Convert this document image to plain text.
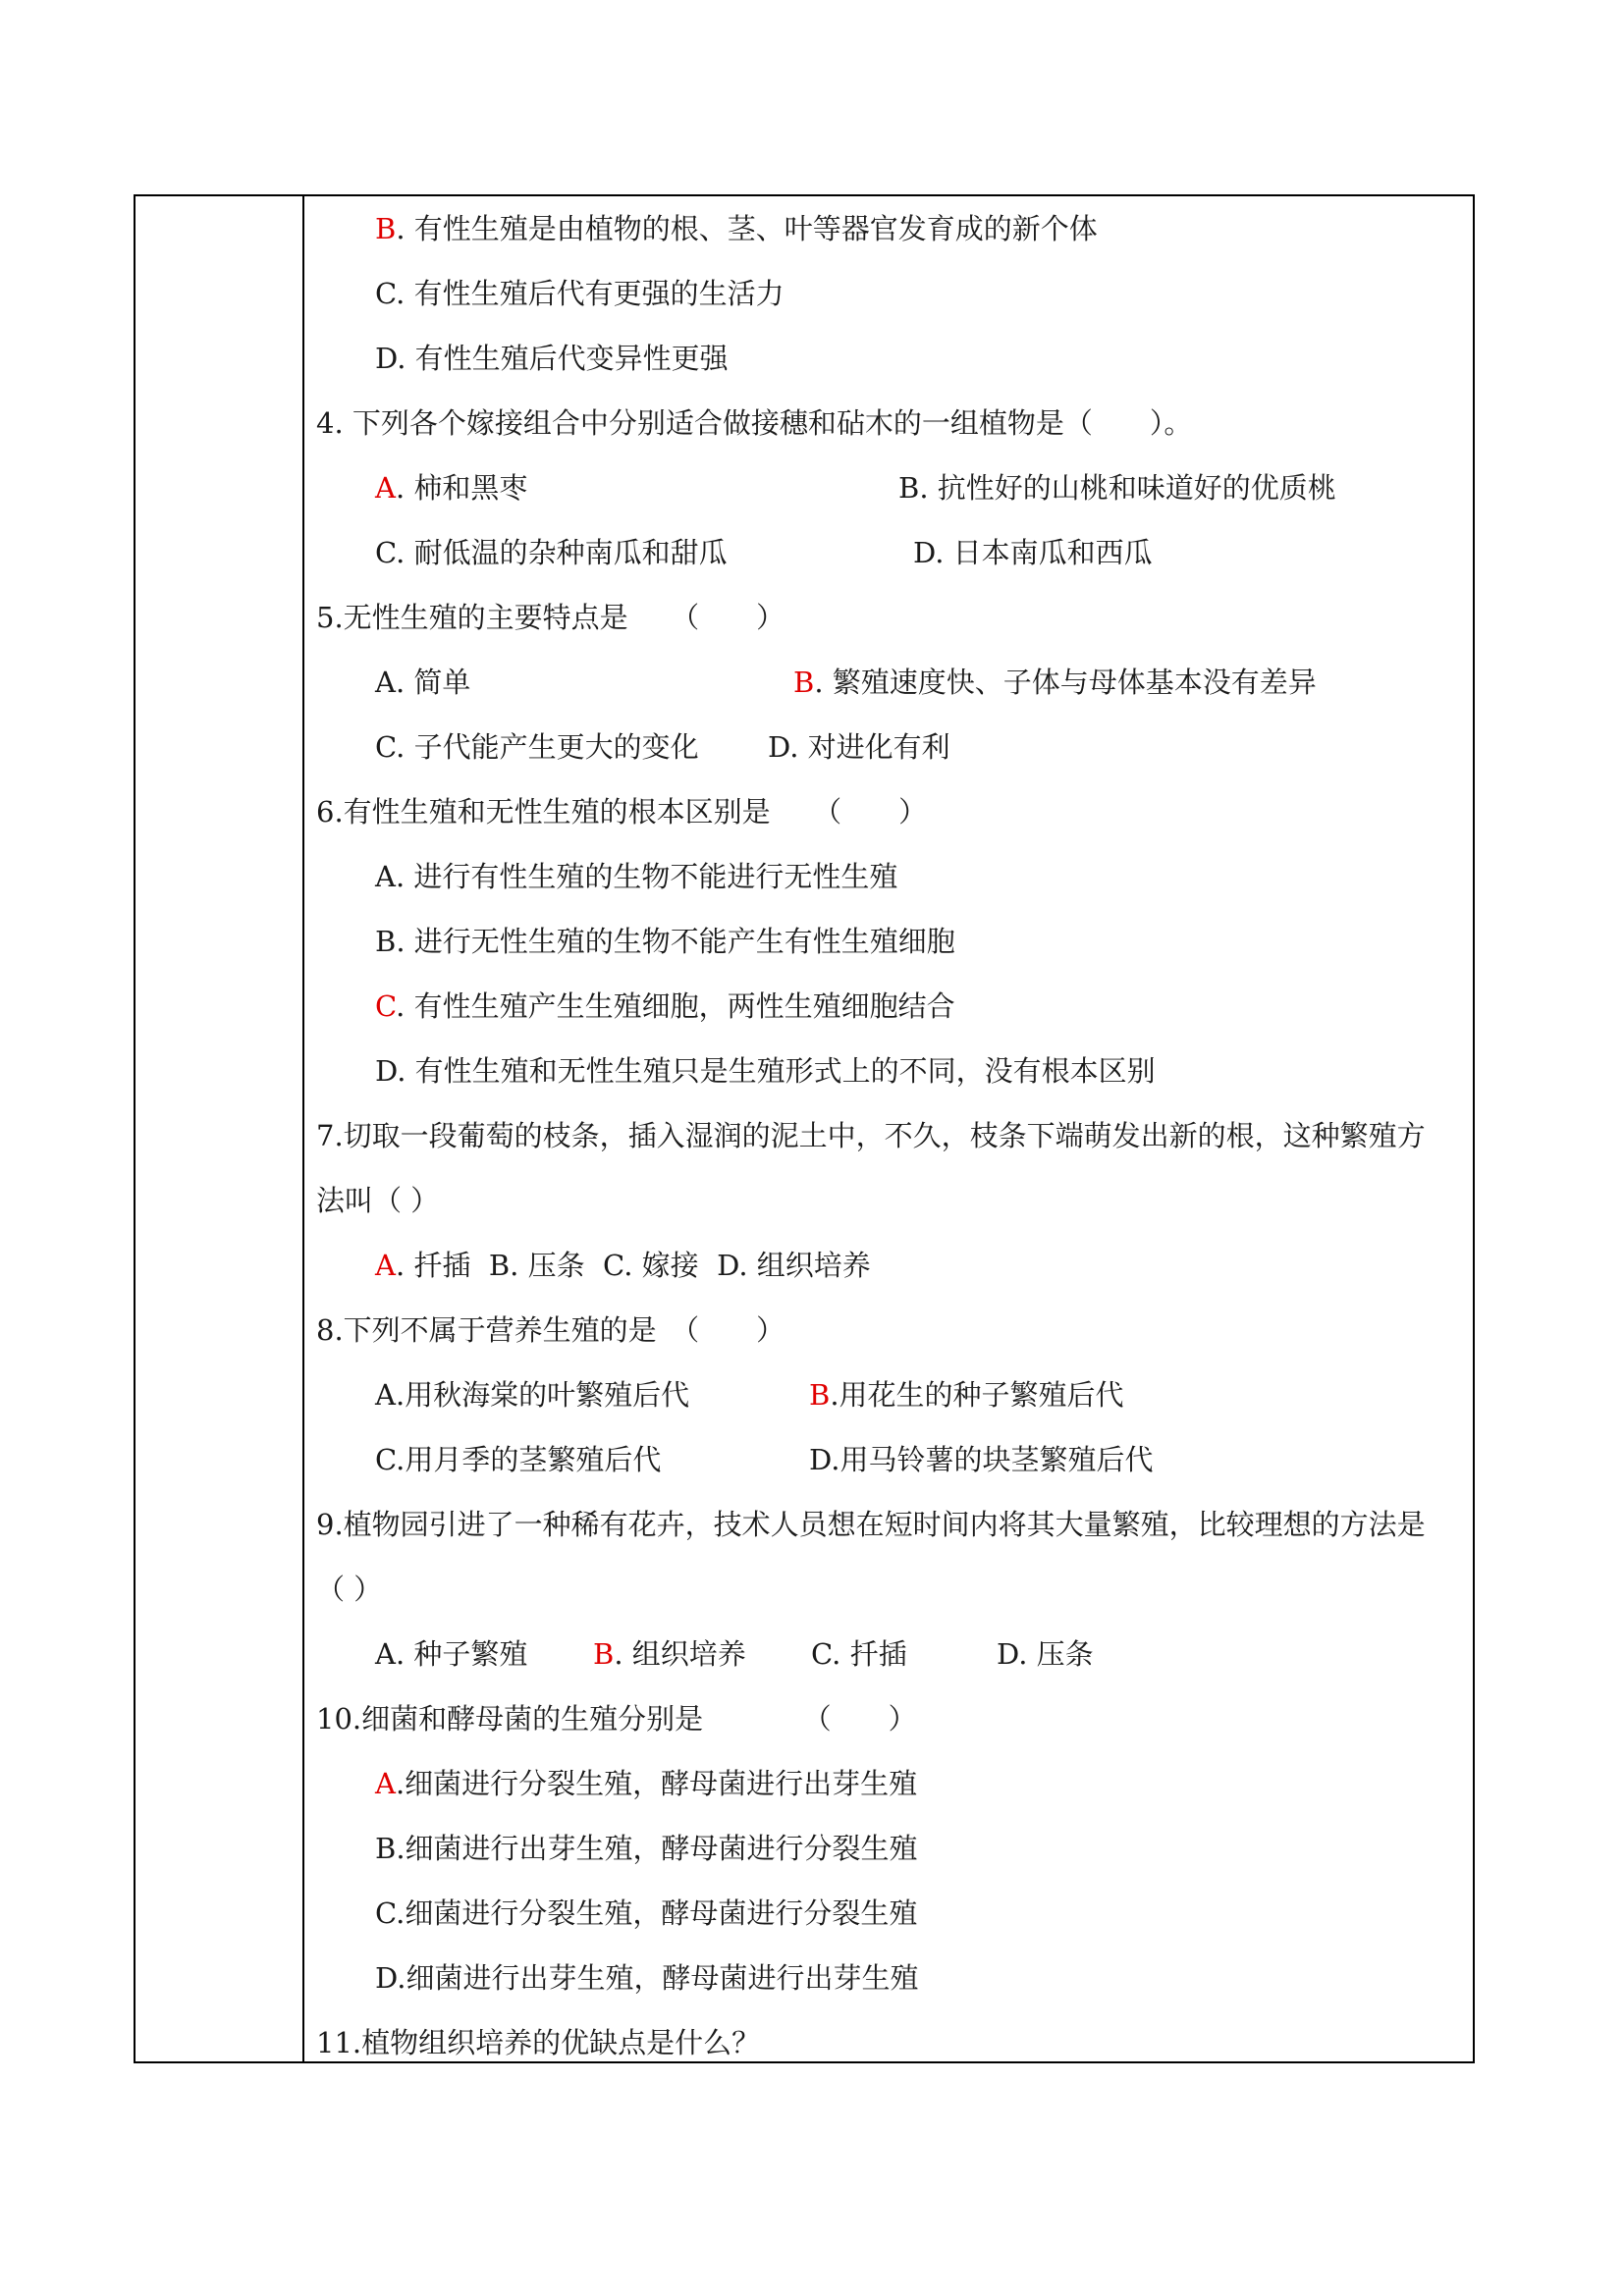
B. 有性生殖是由植物的根、茎、叶等器官发育成的新个体
C. 有性生殖后代有更强的生活力
D. 有性生殖后代变异性更强
4. 下列各个嫁接组合中分别适合做接穗和砧木的一组植物是（　　）。
A. 柿和黑枣	B. 抗性好的山桃和味道好的优质桃
C. 耐低温的杂种南瓜和甜瓜	D. 日本南瓜和西瓜
5.无性生殖的主要特点是　　（　　）
A. 简单	B. 繁殖速度快、子体与母体基本没有差异
C. 子代能产生更大的变化 D. 对进化有利
6.有性生殖和无性生殖的根本区别是　　（　　）
A. 进行有性生殖的生物不能进行无性生殖
B. 进行无性生殖的生物不能产生有性生殖细胞
C. 有性生殖产生生殖细胞，两性生殖细胞结合
D. 有性生殖和无性生殖只是生殖形式上的不同，没有根本区别
7.切取一段葡萄的枝条，插入湿润的泥土中，不久，枝条下端萌发出新的根，这种繁殖方
法叫（ ）
A. 扦插 B. 压条 C. 嫁接 D. 组织培养
8.下列不属于营养生殖的是　（　　）
A.用秋海棠的叶繁殖后代	B.用花生的种子繁殖后代
C.用月季的茎繁殖后代	D.用马铃薯的块茎繁殖后代
9.植物园引进了一种稀有花卉，技术人员想在短时间内将其大量繁殖，比较理想的方法是
（ ）
A. 种子繁殖 B. 组织培养 C. 扦插	D. 压条
10.细菌和酵母菌的生殖分别是　　　　（　　）
A.细菌进行分裂生殖，酵母菌进行出芽生殖
B.细菌进行出芽生殖，酵母菌进行分裂生殖
C.细菌进行分裂生殖，酵母菌进行分裂生殖
D.细菌进行出芽生殖，酵母菌进行出芽生殖
11.植物组织培养的优缺点是什么？
